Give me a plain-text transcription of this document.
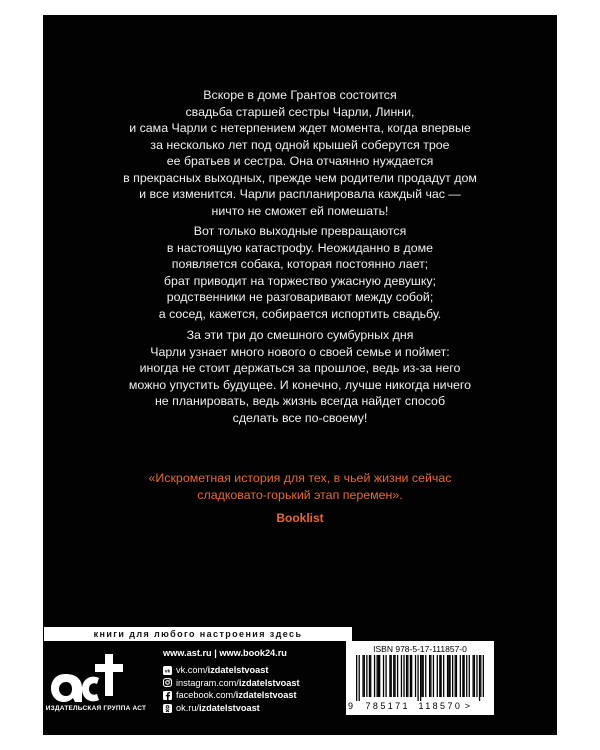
Вскоре в доме Грантов состоится
свадьба старшей сестры Чарли, Линни,
и сама Чарли с нетерпением ждет момента, когда впервые
за несколько лет под одной крышей соберутся трое
ее братьев и сестра. Она отчаянно нуждается
в прекрасных выходных, прежде чем родители продадут дом
и все изменится. Чарли распланировала каждый час —
ничто не сможет ей помешать!

Вот только выходные превращаются
в настоящую катастрофу. Неожиданно в доме
появляется собака, которая постоянно лает;
брат приводит на торжество ужасную девушку;
родственники не разговаривают между собой;
а сосед, кажется, собирается испортить свадьбу.

За эти три до смешного сумбурных дня
Чарли узнает много нового о своей семье и поймет:
иногда не стоит держаться за прошлое, ведь из-за него
можно упустить будущее. И конечно, лучше никогда ничего
не планировать, ведь жизнь всегда найдет способ
сделать все по-своему!

«Искрометная история для тех, в чьей жизни сейчас
сладковато-горький этап перемен».
Booklist
книги для любого настроения здесь
ИЗДАТЕЛЬСКАЯ ГРУППА АСТ
www.ast.ru | www.book24.ru
vk vk.com/ izdatelstvoast
instagram.com/ izdatelstvoast
facebook.com/ izdatelstvoast
ok.ru/ izdatelstvoast
ISBN 978-5-17-111857-0
9 785171 118570 >
